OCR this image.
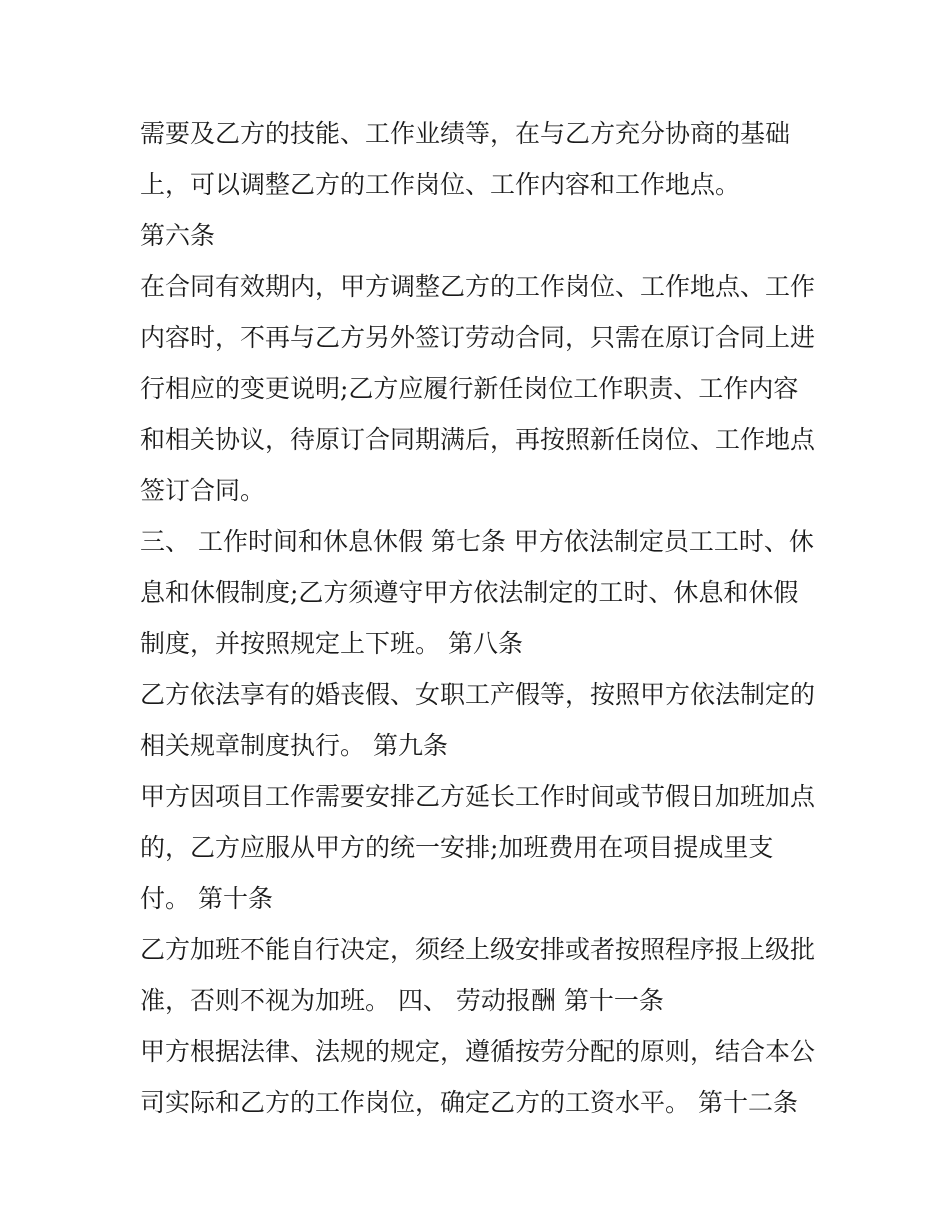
需要及乙方的技能、工作业绩等，在与乙方充分协商的基础
上，可以调整乙方的工作岗位、工作内容和工作地点。
第六条
在合同有效期内，甲方调整乙方的工作岗位、工作地点、工作
内容时，不再与乙方另外签订劳动合同，只需在原订合同上进
行相应的变更说明;乙方应履行新任岗位工作职责、工作内容
和相关协议，待原订合同期满后，再按照新任岗位、工作地点
签订合同。
三、 工作时间和休息休假 第七条 甲方依法制定员工工时、休
息和休假制度;乙方须遵守甲方依法制定的工时、休息和休假
制度，并按照规定上下班。 第八条
乙方依法享有的婚丧假、女职工产假等，按照甲方依法制定的
相关规章制度执行。 第九条
甲方因项目工作需要安排乙方延长工作时间或节假日加班加点
的，乙方应服从甲方的统一安排;加班费用在项目提成里支
付。 第十条
乙方加班不能自行决定，须经上级安排或者按照程序报上级批
准，否则不视为加班。 四、 劳动报酬 第十一条
甲方根据法律、法规的规定，遵循按劳分配的原则，结合本公
司实际和乙方的工作岗位，确定乙方的工资水平。 第十二条
